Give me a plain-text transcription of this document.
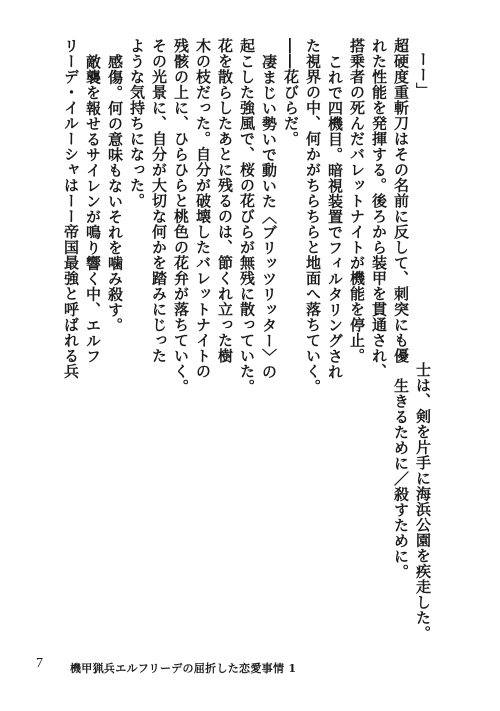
　ーー」
超硬度重斬刀はその名前に反して、刺突にも優
れた性能を発揮する。後ろから装甲を貫通され、
搭乗者の死んだバレットナイトが機能を停止。
これで四機目。暗視装置でフィルタリングされ
た視界の中、何かがちらちらと地面へ落ちていく。
――花びらだ。
凄まじい勢いで動いた〈ブリッツリッター〉の
起こした強風で、桜の花びらが無残に散っていた。
花を散らしたあとに残るのは、節くれ立った樹
木の枝だった。自分が破壊したバレットナイトの
残骸の上に、ひらひらと桃色の花弁が落ちていく。
その光景に、自分が大切な何かを踏みにじった
ような気持ちになった。
感傷。何の意味もないそれを噛み殺す。
敵襲を報せるサイレンが鳴り響く中、エルフ
リーデ・イルーシャはーー帝国最強と呼ばれる兵
士は、剣を片手に海浜公園を疾走した。
生きるために／殺すために。
7 機甲猟兵エルフリーデの屈折した恋愛事情 1
